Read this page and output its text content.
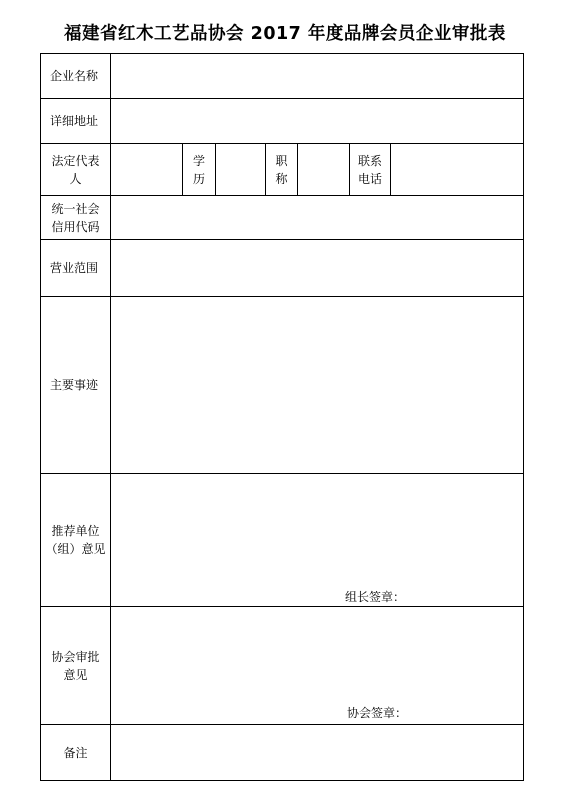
福建省红木工艺品协会 2017 年度品牌会员企业审批表
企业名称
详细地址
法定代表人
学历
职称
联系电话
统一社会信用代码
营业范围
主要事迹
推荐单位（组）意见
组长签章：
协会审批意见
协会签章：
备注
